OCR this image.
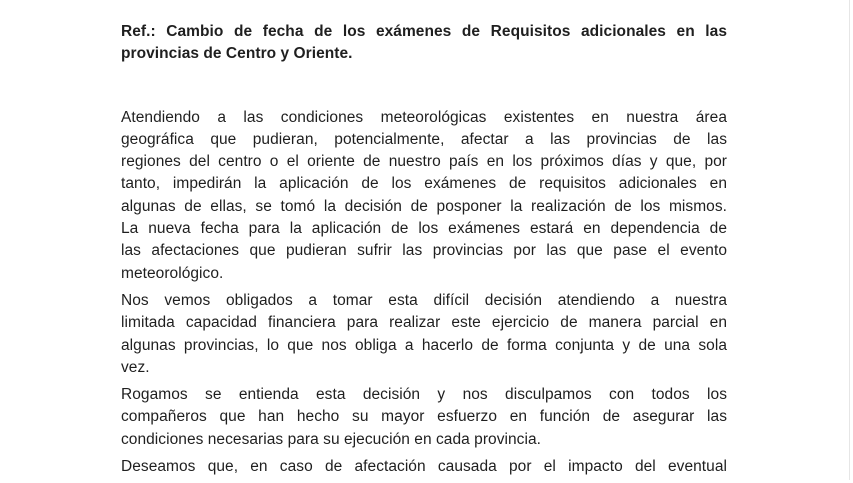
Ref.: Cambio de fecha de los exámenes de Requisitos adicionales en las
provincias de Centro y Oriente.
Atendiendo a las condiciones meteorológicas existentes en nuestra área
geográfica que pudieran, potencialmente, afectar a las provincias de las
regiones del centro o el oriente de nuestro país en los próximos días y que, por
tanto, impedirán la aplicación de los exámenes de requisitos adicionales en
algunas de ellas, se tomó la decisión de posponer la realización de los mismos.
La nueva fecha para la aplicación de los exámenes estará en dependencia de
las afectaciones que pudieran sufrir las provincias por las que pase el evento
meteorológico.
Nos vemos obligados a tomar esta difícil decisión atendiendo a nuestra
limitada capacidad financiera para realizar este ejercicio de manera parcial en
algunas provincias, lo que nos obliga a hacerlo de forma conjunta y de una sola
vez.
Rogamos se entienda esta decisión y nos disculpamos con todos los
compañeros que han hecho su mayor esfuerzo en función de asegurar las
condiciones necesarias para su ejecución en cada provincia.
Deseamos que, en caso de afectación causada por el impacto del eventual
